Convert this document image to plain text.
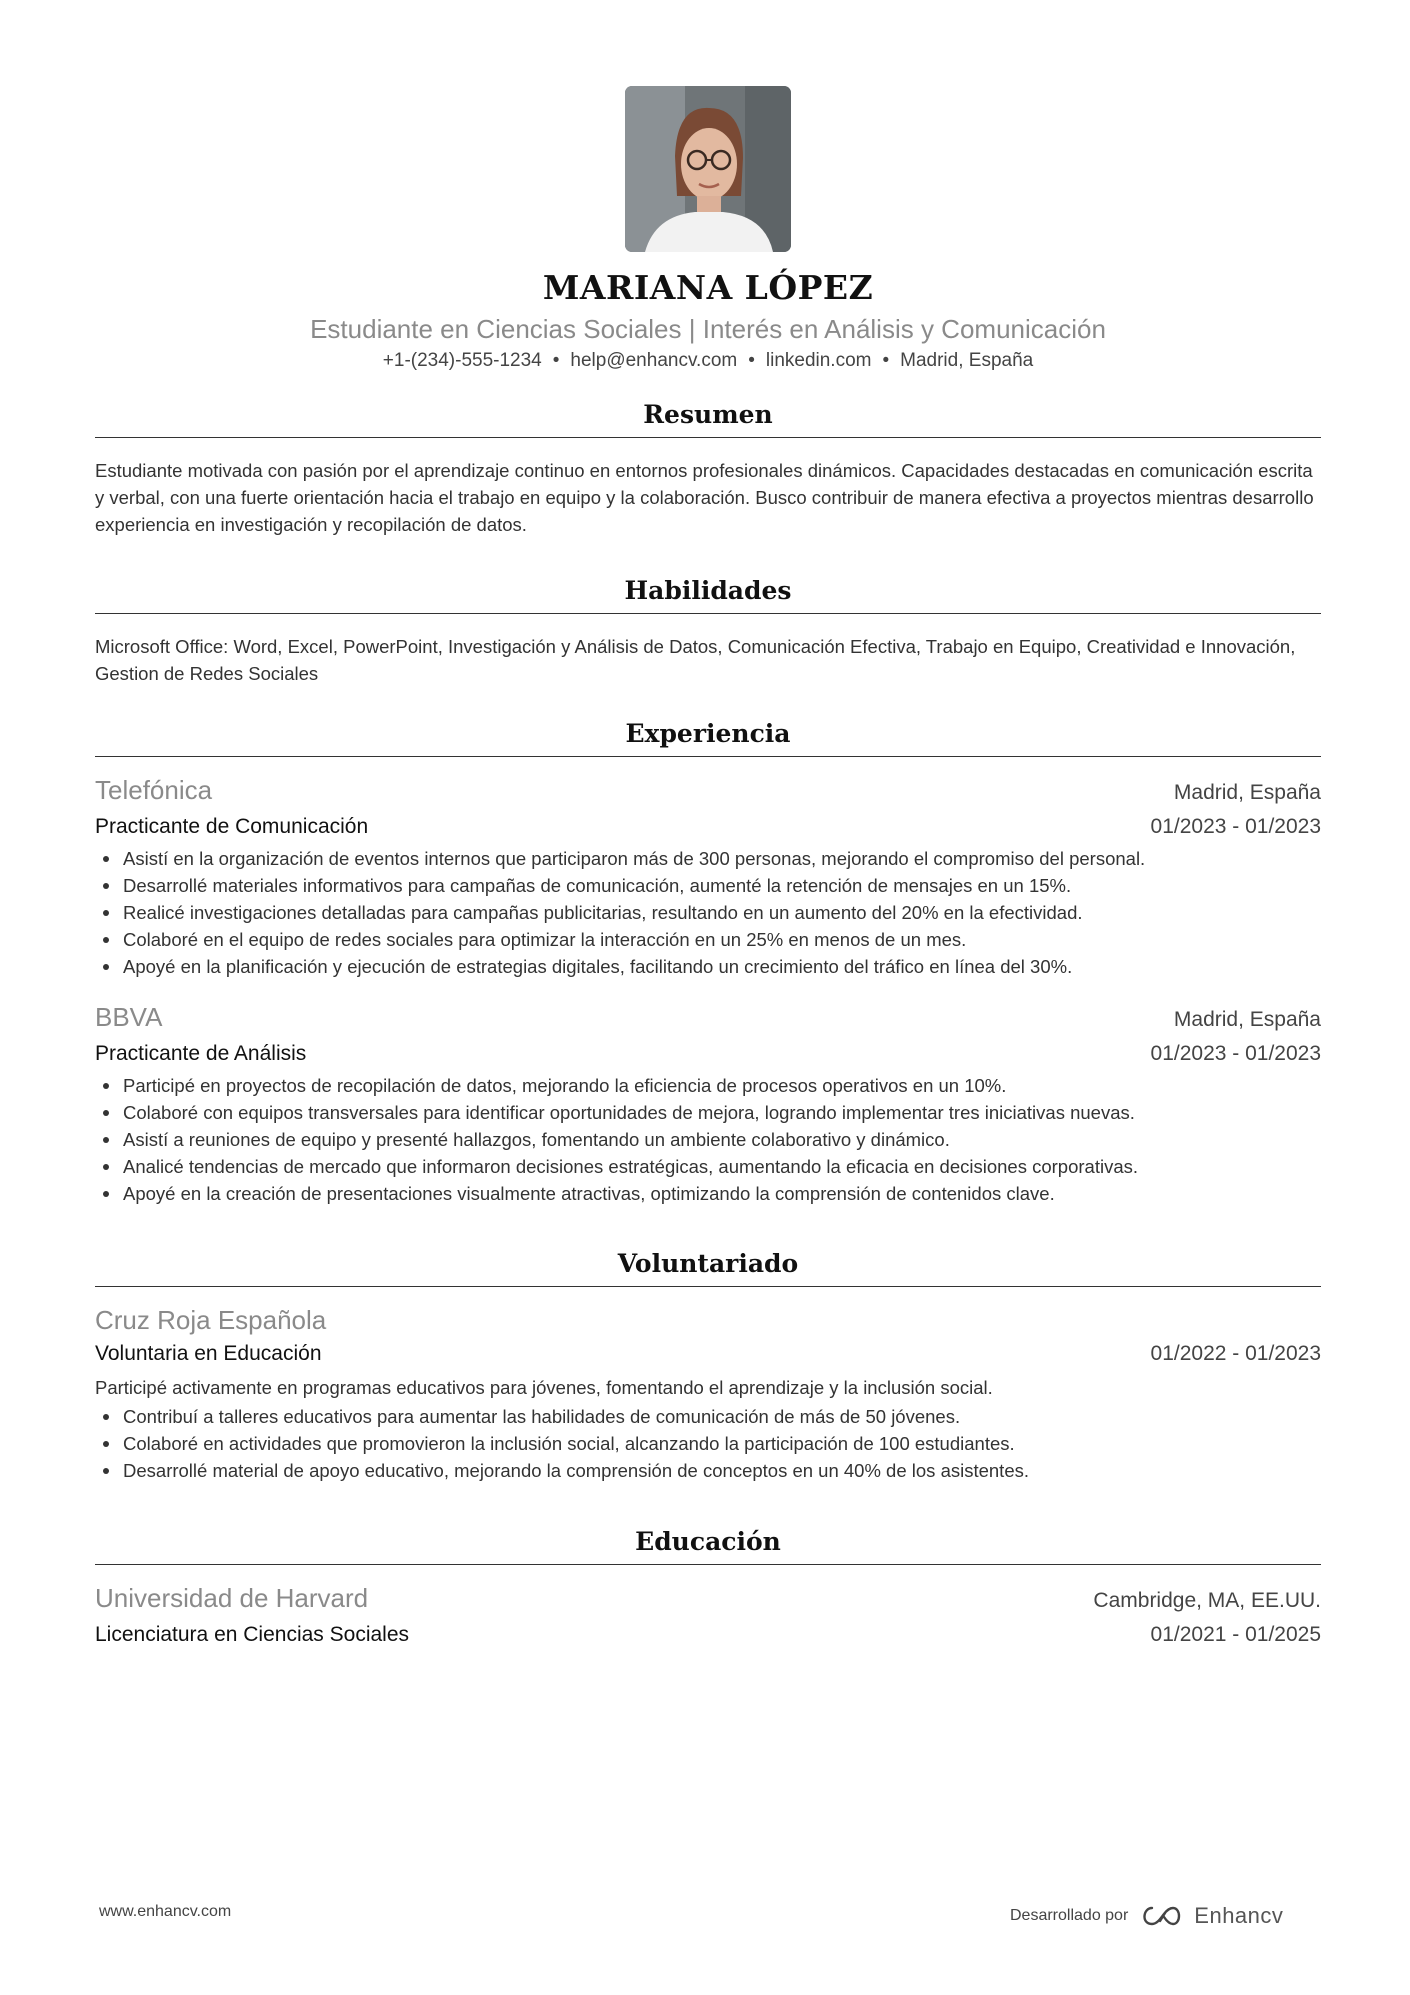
MARIANA LÓPEZ
Estudiante en Ciencias Sociales | Interés en Análisis y Comunicación
+1-(234)-555-1234 • help@enhancv.com • linkedin.com • Madrid, España
Resumen
Estudiante motivada con pasión por el aprendizaje continuo en entornos profesionales dinámicos. Capacidades destacadas en comunicación escrita y verbal, con una fuerte orientación hacia el trabajo en equipo y la colaboración. Busco contribuir de manera efectiva a proyectos mientras desarrollo experiencia en investigación y recopilación de datos.
Habilidades
Microsoft Office: Word, Excel, PowerPoint, Investigación y Análisis de Datos, Comunicación Efectiva, Trabajo en Equipo, Creatividad e Innovación, Gestion de Redes Sociales
Experiencia
Telefónica	Madrid, España
Practicante de Comunicación	01/2023 - 01/2023
Asistí en la organización de eventos internos que participaron más de 300 personas, mejorando el compromiso del personal.
Desarrollé materiales informativos para campañas de comunicación, aumenté la retención de mensajes en un 15%.
Realicé investigaciones detalladas para campañas publicitarias, resultando en un aumento del 20% en la efectividad.
Colaboré en el equipo de redes sociales para optimizar la interacción en un 25% en menos de un mes.
Apoyé en la planificación y ejecución de estrategias digitales, facilitando un crecimiento del tráfico en línea del 30%.
BBVA	Madrid, España
Practicante de Análisis	01/2023 - 01/2023
Participé en proyectos de recopilación de datos, mejorando la eficiencia de procesos operativos en un 10%.
Colaboré con equipos transversales para identificar oportunidades de mejora, logrando implementar tres iniciativas nuevas.
Asistí a reuniones de equipo y presenté hallazgos, fomentando un ambiente colaborativo y dinámico.
Analicé tendencias de mercado que informaron decisiones estratégicas, aumentando la eficacia en decisiones corporativas.
Apoyé en la creación de presentaciones visualmente atractivas, optimizando la comprensión de contenidos clave.
Voluntariado
Cruz Roja Española
Voluntaria en Educación	01/2022 - 01/2023
Participé activamente en programas educativos para jóvenes, fomentando el aprendizaje y la inclusión social.
Contribuí a talleres educativos para aumentar las habilidades de comunicación de más de 50 jóvenes.
Colaboré en actividades que promovieron la inclusión social, alcanzando la participación de 100 estudiantes.
Desarrollé material de apoyo educativo, mejorando la comprensión de conceptos en un 40% de los asistentes.
Educación
Universidad de Harvard	Cambridge, MA, EE.UU.
Licenciatura en Ciencias Sociales	01/2021 - 01/2025
www.enhancv.com	Desarrollado por	Enhancv
